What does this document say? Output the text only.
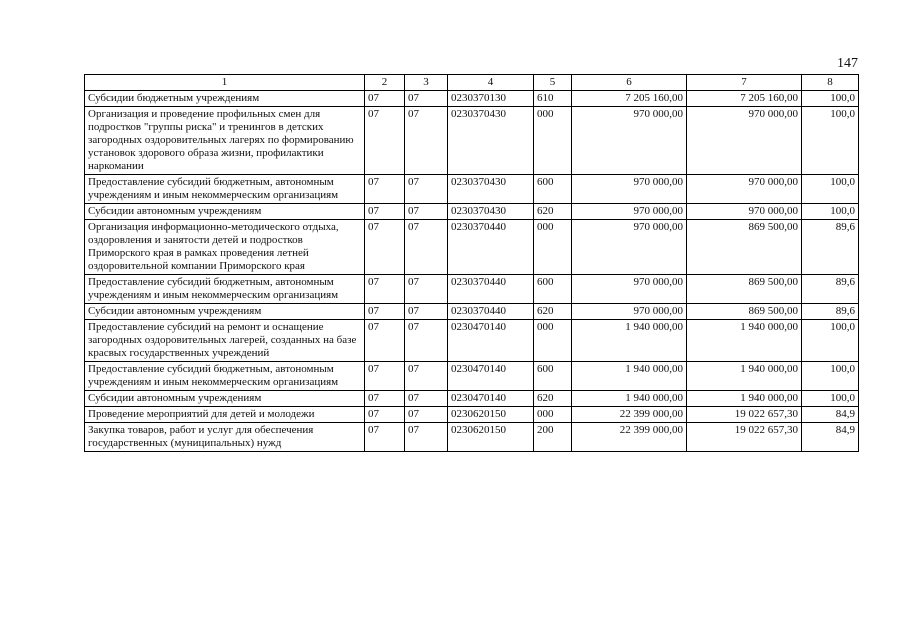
147
1	2	3	4	5	6	7	8
Субсидии бюджетным учреждениям	07	07	0230370130	610	7 205 160,00	7 205 160,00	100,0
Организация и проведение профильных смен для подростков "группы риска" и тренингов в детских загородных оздоровительных лагерях по формированию установок здорового образа жизни, профилактики наркомании	07	07	0230370430	000	970 000,00	970 000,00	100,0
Предоставление субсидий бюджетным, автономным учреждениям и иным некоммерческим организациям	07	07	0230370430	600	970 000,00	970 000,00	100,0
Субсидии автономным учреждениям	07	07	0230370430	620	970 000,00	970 000,00	100,0
Организация информационно-методического отдыха, оздоровления и занятости детей и подростков Приморского края в рамках проведения летней оздоровительной компании Приморского края	07	07	0230370440	000	970 000,00	869 500,00	89,6
Предоставление субсидий бюджетным, автономным учреждениям и иным некоммерческим организациям	07	07	0230370440	600	970 000,00	869 500,00	89,6
Субсидии автономным учреждениям	07	07	0230370440	620	970 000,00	869 500,00	89,6
Предоставление субсидий на ремонт и оснащение загородных оздоровительных лагерей, созданных на базе красвых государственных учреждений	07	07	0230470140	000	1 940 000,00	1 940 000,00	100,0
Предоставление субсидий бюджетным, автономным учреждениям и иным некоммерческим организациям	07	07	0230470140	600	1 940 000,00	1 940 000,00	100,0
Субсидии автономным учреждениям	07	07	0230470140	620	1 940 000,00	1 940 000,00	100,0
Проведение мероприятий для детей и молодежи	07	07	0230620150	000	22 399 000,00	19 022 657,30	84,9
Закупка товаров, работ и услуг для обеспечения государственных (муниципальных) нужд	07	07	0230620150	200	22 399 000,00	19 022 657,30	84,9
